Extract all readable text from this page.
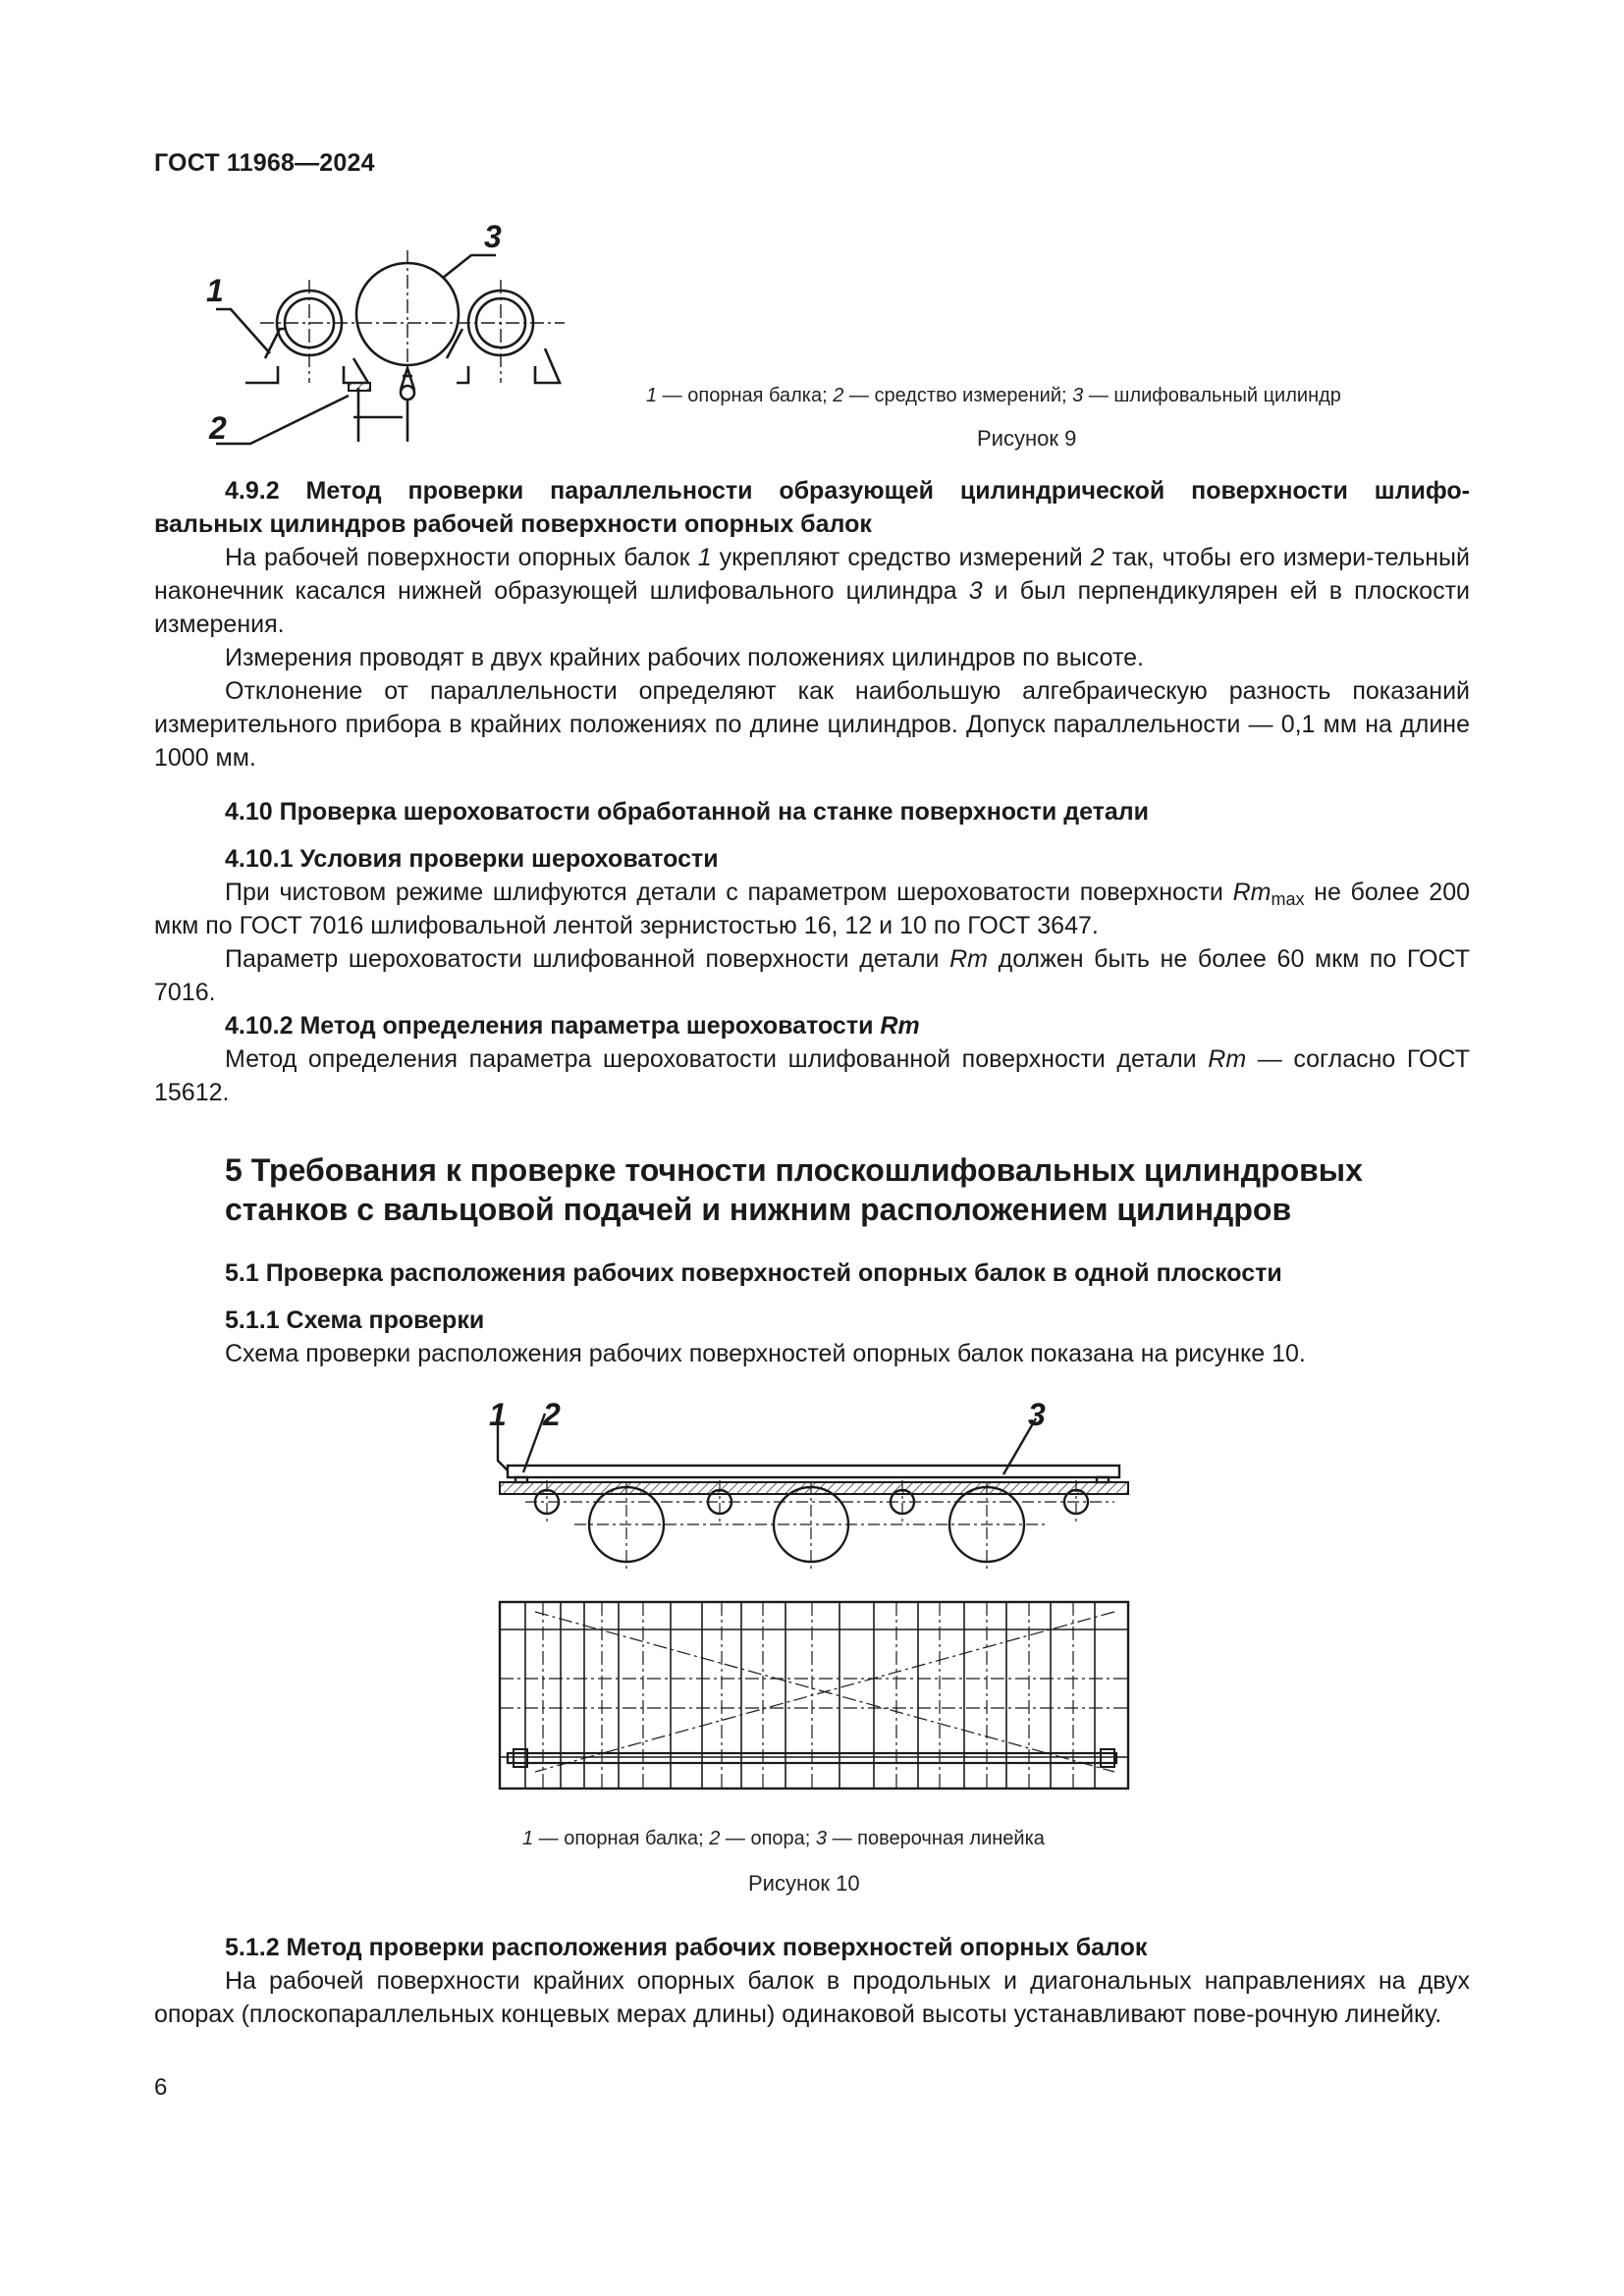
ГОСТ 11968—2024
1
2
3
1 — опорная балка; 2 — средство измерений; 3 — шлифовальный цилиндр
Рисунок 9

4.9.2 Метод проверки параллельности образующей цилиндрической поверхности шлифо-

вальных цилиндров рабочей поверхности опорных балок

На рабочей поверхности опорных балок 1 укрепляют средство измерений 2 так, чтобы его измери-тельный наконечник касался нижней образующей шлифовального цилиндра 3 и был перпендикулярен ей в плоскости измерения.

Измерения проводят в двух крайних рабочих положениях цилиндров по высоте.

Отклонение от параллельности определяют как наибольшую алгебраическую разность показаний измерительного прибора в крайних положениях по длине цилиндров. Допуск параллельности — 0,1 мм на длине 1000 мм.

4.10 Проверка шероховатости обработанной на станке поверхности детали

4.10.1 Условия проверки шероховатости

При чистовом режиме шлифуются детали с параметром шероховатости поверхности $Rm_{max}$ не более 200 мкм по ГОСТ 7016 шлифовальной лентой зернистостью 16, 12 и 10 по ГОСТ 3647.

Параметр шероховатости шлифованной поверхности детали Rm должен быть не более 60 мкм по ГОСТ 7016.

4.10.2 Метод определения параметра шероховатости Rm

Метод определения параметра шероховатости шлифованной поверхности детали Rm — согласно ГОСТ 15612.

5 Требования к проверке точности плоскошлифовальных цилиндровых
станков с вальцовой подачей и нижним расположением цилиндров

5.1 Проверка расположения рабочих поверхностей опорных балок в одной плоскости

5.1.1 Схема проверки

Схема проверки расположения рабочих поверхностей опорных балок показана на рисунке 10.

1 2	3
1 — опорная балка; 2 — опора; 3 — поверочная линейка
Рисунок 10

5.1.2 Метод проверки расположения рабочих поверхностей опорных балок

На рабочей поверхности крайних опорных балок в продольных и диагональных направлениях на двух опорах (плоскопараллельных концевых мерах длины) одинаковой высоты устанавливают пове-рочную линейку.

6
